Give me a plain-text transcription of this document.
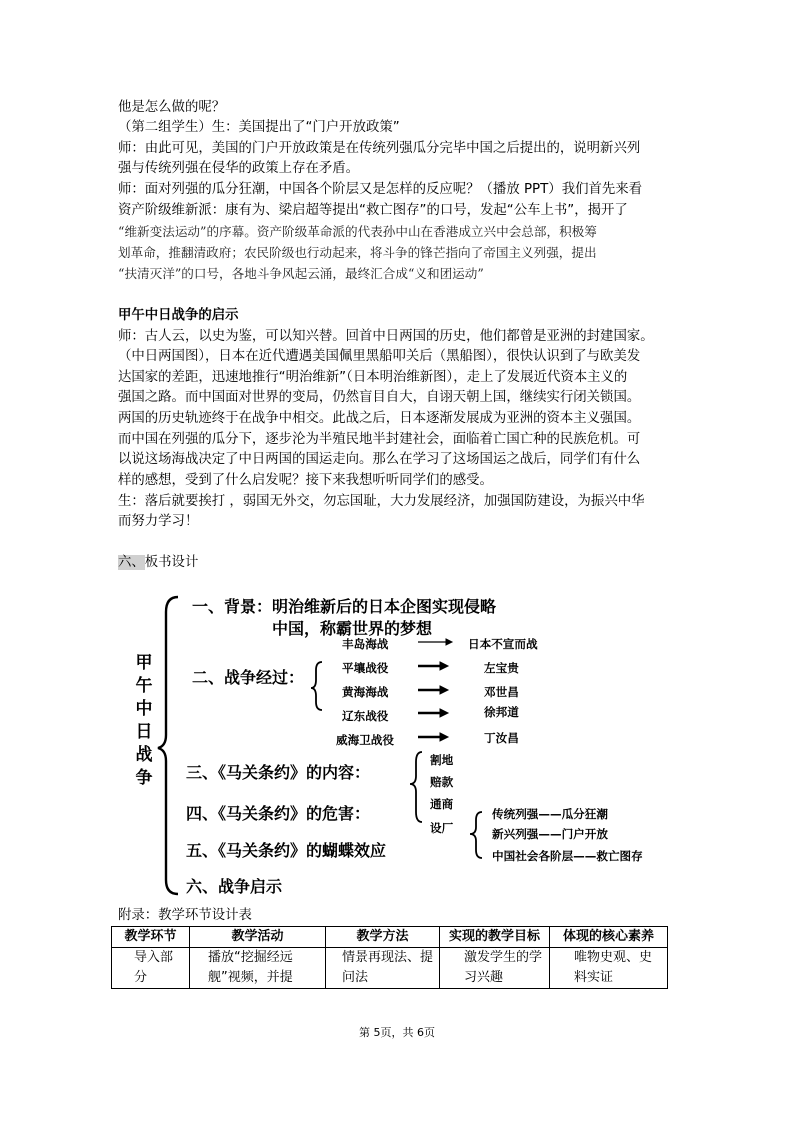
他是怎么做的呢？

（第二组学生）生：美国提出了“门户开放政策”

师：由此可见，美国的门户开放政策是在传统列强瓜分完毕中国之后提出的，说明新兴列

强与传统列强在侵华的政策上存在矛盾。

师：面对列强的瓜分狂潮，中国各个阶层又是怎样的反应呢？（播放 PPT）我们首先来看

资产阶级维新派：康有为、梁启超等提出“救亡图存”的口号，发起“公车上书”，揭开了

“维新变法运动”的序幕。资产阶级革命派的代表孙中山在香港成立兴中会总部，积极筹

划革命，推翻清政府；农民阶级也行动起来，将斗争的锋芒指向了帝国主义列强，提出

“扶清灭洋”的口号，各地斗争风起云涌，最终汇合成“义和团运动”

甲午中日战争的启示

师：古人云，以史为鉴，可以知兴替。回首中日两国的历史，他们都曾是亚洲的封建国家。

（中日两国图），日本在近代遭遇美国佩里黑船叩关后（黑船图），很快认识到了与欧美发

达国家的差距，迅速地推行“明治维新”（日本明治维新图），走上了发展近代资本主义的

强国之路。而中国面对世界的变局，仍然盲目自大，自诩天朝上国，继续实行闭关锁国。

两国的历史轨迹终于在战争中相交。此战之后，日本逐渐发展成为亚洲的资本主义强国。

而中国在列强的瓜分下，逐步沦为半殖民地半封建社会，面临着亡国亡种的民族危机。可

以说这场海战决定了中日两国的国运走向。那么在学习了这场国运之战后，同学们有什么

样的感想，受到了什么启发呢？接下来我想听听同学们的感受。

生：落后就要挨打 ，弱国无外交，勿忘国耻，大力发展经济，加强国防建设，为振兴中华

而努力学习！

六、板书设计

甲午中日战争
一、背景：明治维新后的日本企图实现侵略
中国，称霸世界的梦想
丰岛海战
平壤战役
黄海海战
辽东战役
威海卫战役
日本不宣而战
左宝贵
邓世昌
徐邦道
丁汝昌
二、战争经过：
三、《马关条约》的内容：
割地
赔款
通商
设厂
四、《马关条约》的危害：	传统列强——瓜分狂潮
新兴列强——门户开放
中国社会各阶层——救亡图存
五、《马关条约》的蝴蝶效应
六、战争启示

附录：教学环节设计表

教学环节	教学活动	教学方法	实现的教学目标	体现的核心素养
导入部分	播放“挖掘经远舰”视频，并提	情景再现法、提问法	激发学生的学习兴趣	唯物史观、史料实证
第 5页，共 6页
